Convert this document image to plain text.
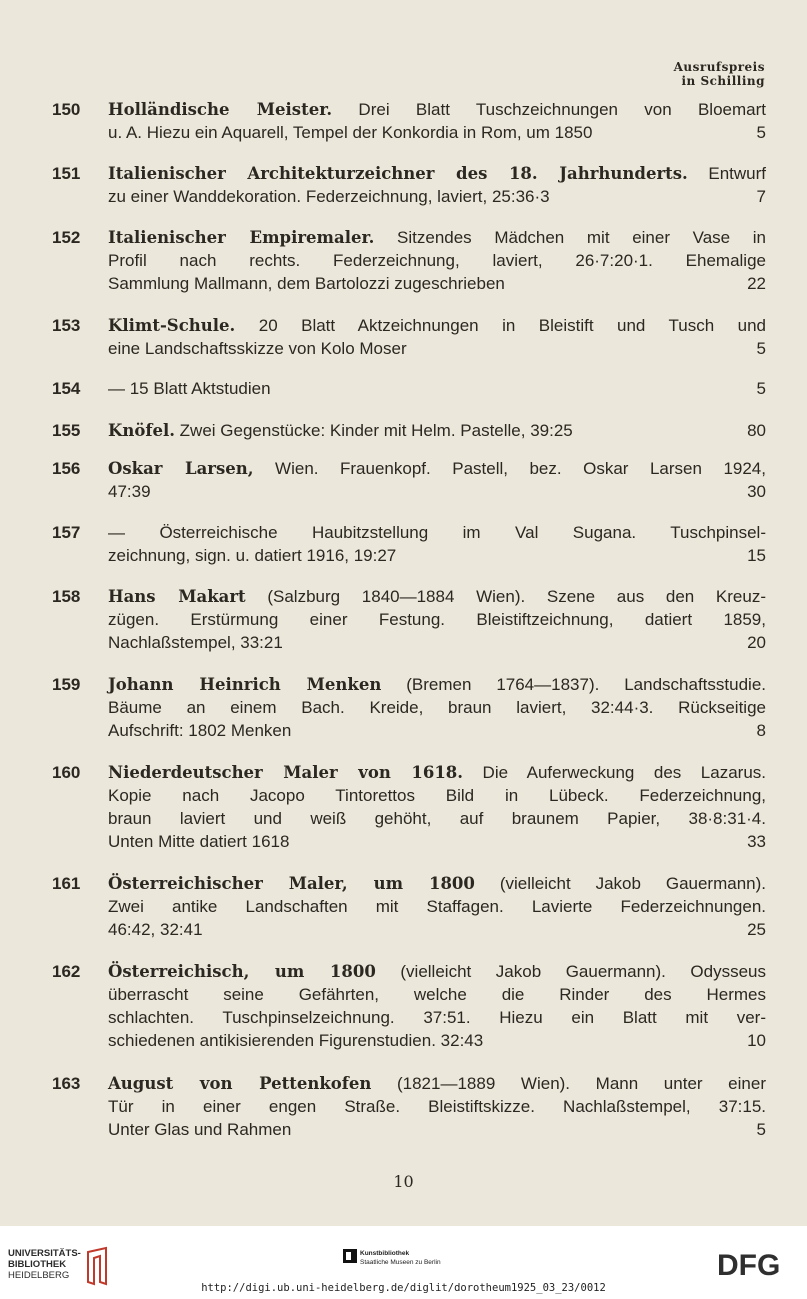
Ausrufspreis
in Schilling
150 Holländische Meister. Drei Blatt Tuschzeichnungen von Bloemart
u. A. Hiezu ein Aquarell, Tempel der Konkordia in Rom, um 1850	5
151 Italienischer Architekturzeichner des 18. Jahrhunderts. Entwurf
zu einer Wanddekoration. Federzeichnung, laviert, 25:36·3	7
152 Italienischer Empiremaler. Sitzendes Mädchen mit einer Vase in
Profil nach rechts. Federzeichnung, laviert, 26·7:20·1. Ehemalige
Sammlung Mallmann, dem Bartolozzi zugeschrieben	22
153 Klimt-Schule. 20 Blatt Aktzeichnungen in Bleistift und Tusch und
eine Landschaftsskizze von Kolo Moser	5
154 — 15 Blatt Aktstudien	5
155 Knöfel. Zwei Gegenstücke: Kinder mit Helm. Pastelle, 39:25	80
156 Oskar Larsen, Wien. Frauenkopf. Pastell, bez. Oskar Larsen 1924,
47:39	30
157 — Österreichische Haubitzstellung im Val Sugana. Tuschpinsel-
zeichnung, sign. u. datiert 1916, 19:27	15
158 Hans Makart (Salzburg 1840—1884 Wien). Szene aus den Kreuz-
zügen. Erstürmung einer Festung. Bleistiftzeichnung, datiert 1859,
Nachlaßstempel, 33:21	20
159 Johann Heinrich Menken (Bremen 1764—1837). Landschaftsstudie.
Bäume an einem Bach. Kreide, braun laviert, 32:44·3. Rückseitige
Aufschrift: 1802 Menken	8
160 Niederdeutscher Maler von 1618. Die Auferweckung des Lazarus.
Kopie nach Jacopo Tintorettos Bild in Lübeck. Federzeichnung,
braun laviert und weiß gehöht, auf braunem Papier, 38·8:31·4.
Unten Mitte datiert 1618	33
161 Österreichischer Maler, um 1800 (vielleicht Jakob Gauermann).
Zwei antike Landschaften mit Staffagen. Lavierte Federzeichnungen.
46:42, 32:41	25
162 Österreichisch, um 1800 (vielleicht Jakob Gauermann). Odysseus
überrascht seine Gefährten, welche die Rinder des Hermes
schlachten. Tuschpinselzeichnung. 37:51. Hiezu ein Blatt mit ver-
schiedenen antikisierenden Figurenstudien. 32:43	10
163 August von Pettenkofen (1821—1889 Wien). Mann unter einer
Tür in einer engen Straße. Bleistiftskizze. Nachlaßstempel, 37:15.
Unter Glas und Rahmen	5
10
UNIVERSITÄTS-
BIBLIOTHEK
HEIDELBERG
Kunstbibliothek
Staatliche Museen zu Berlin	DFG
http://digi.ub.uni-heidelberg.de/diglit/dorotheum1925_03_23/0012
